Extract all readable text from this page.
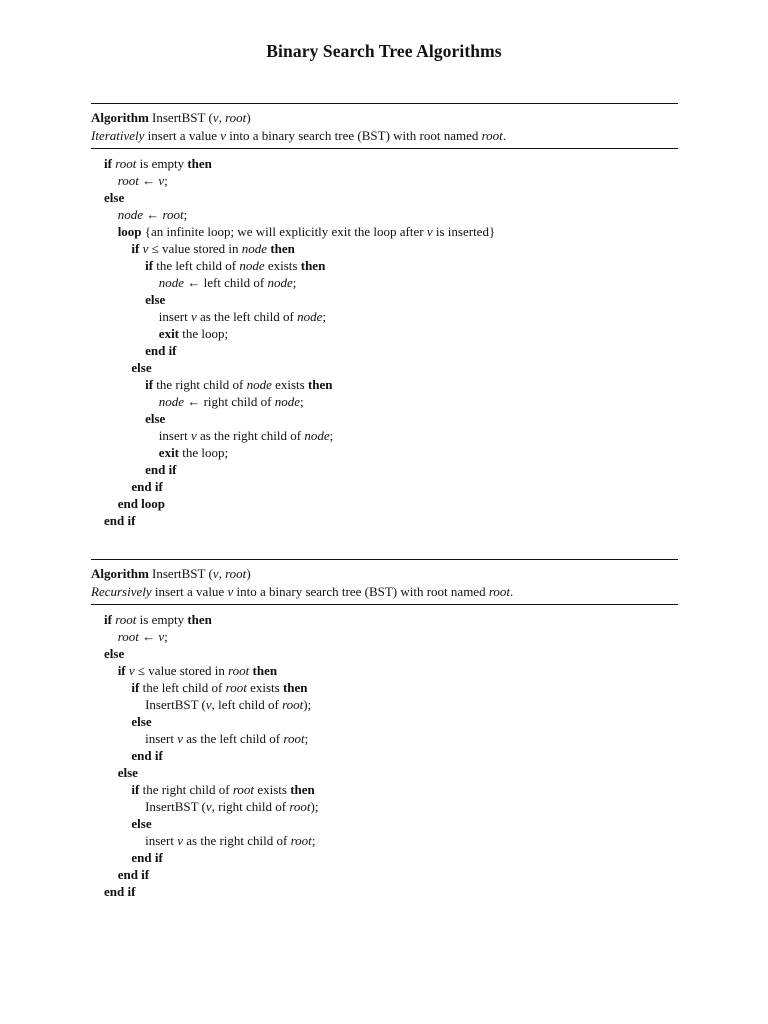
Binary Search Tree Algorithms
Algorithm InsertBST (v, root)
Iteratively insert a value v into a binary search tree (BST) with root named root.
if root is empty then
root ← v;
else
node ← root;
loop {an infinite loop; we will explicitly exit the loop after v is inserted}
if v ≤ value stored in node then
if the left child of node exists then
node ← left child of node;
else
insert v as the left child of node;
exit the loop;
end if
else
if the right child of node exists then
node ← right child of node;
else
insert v as the right child of node;
exit the loop;
end if
end if
end loop
end if
Algorithm InsertBST (v, root)
Recursively insert a value v into a binary search tree (BST) with root named root.
if root is empty then
root ← v;
else
if v ≤ value stored in root then
if the left child of root exists then
InsertBST (v, left child of root);
else
insert v as the left child of root;
end if
else
if the right child of root exists then
InsertBST (v, right child of root);
else
insert v as the right child of root;
end if
end if
end if
